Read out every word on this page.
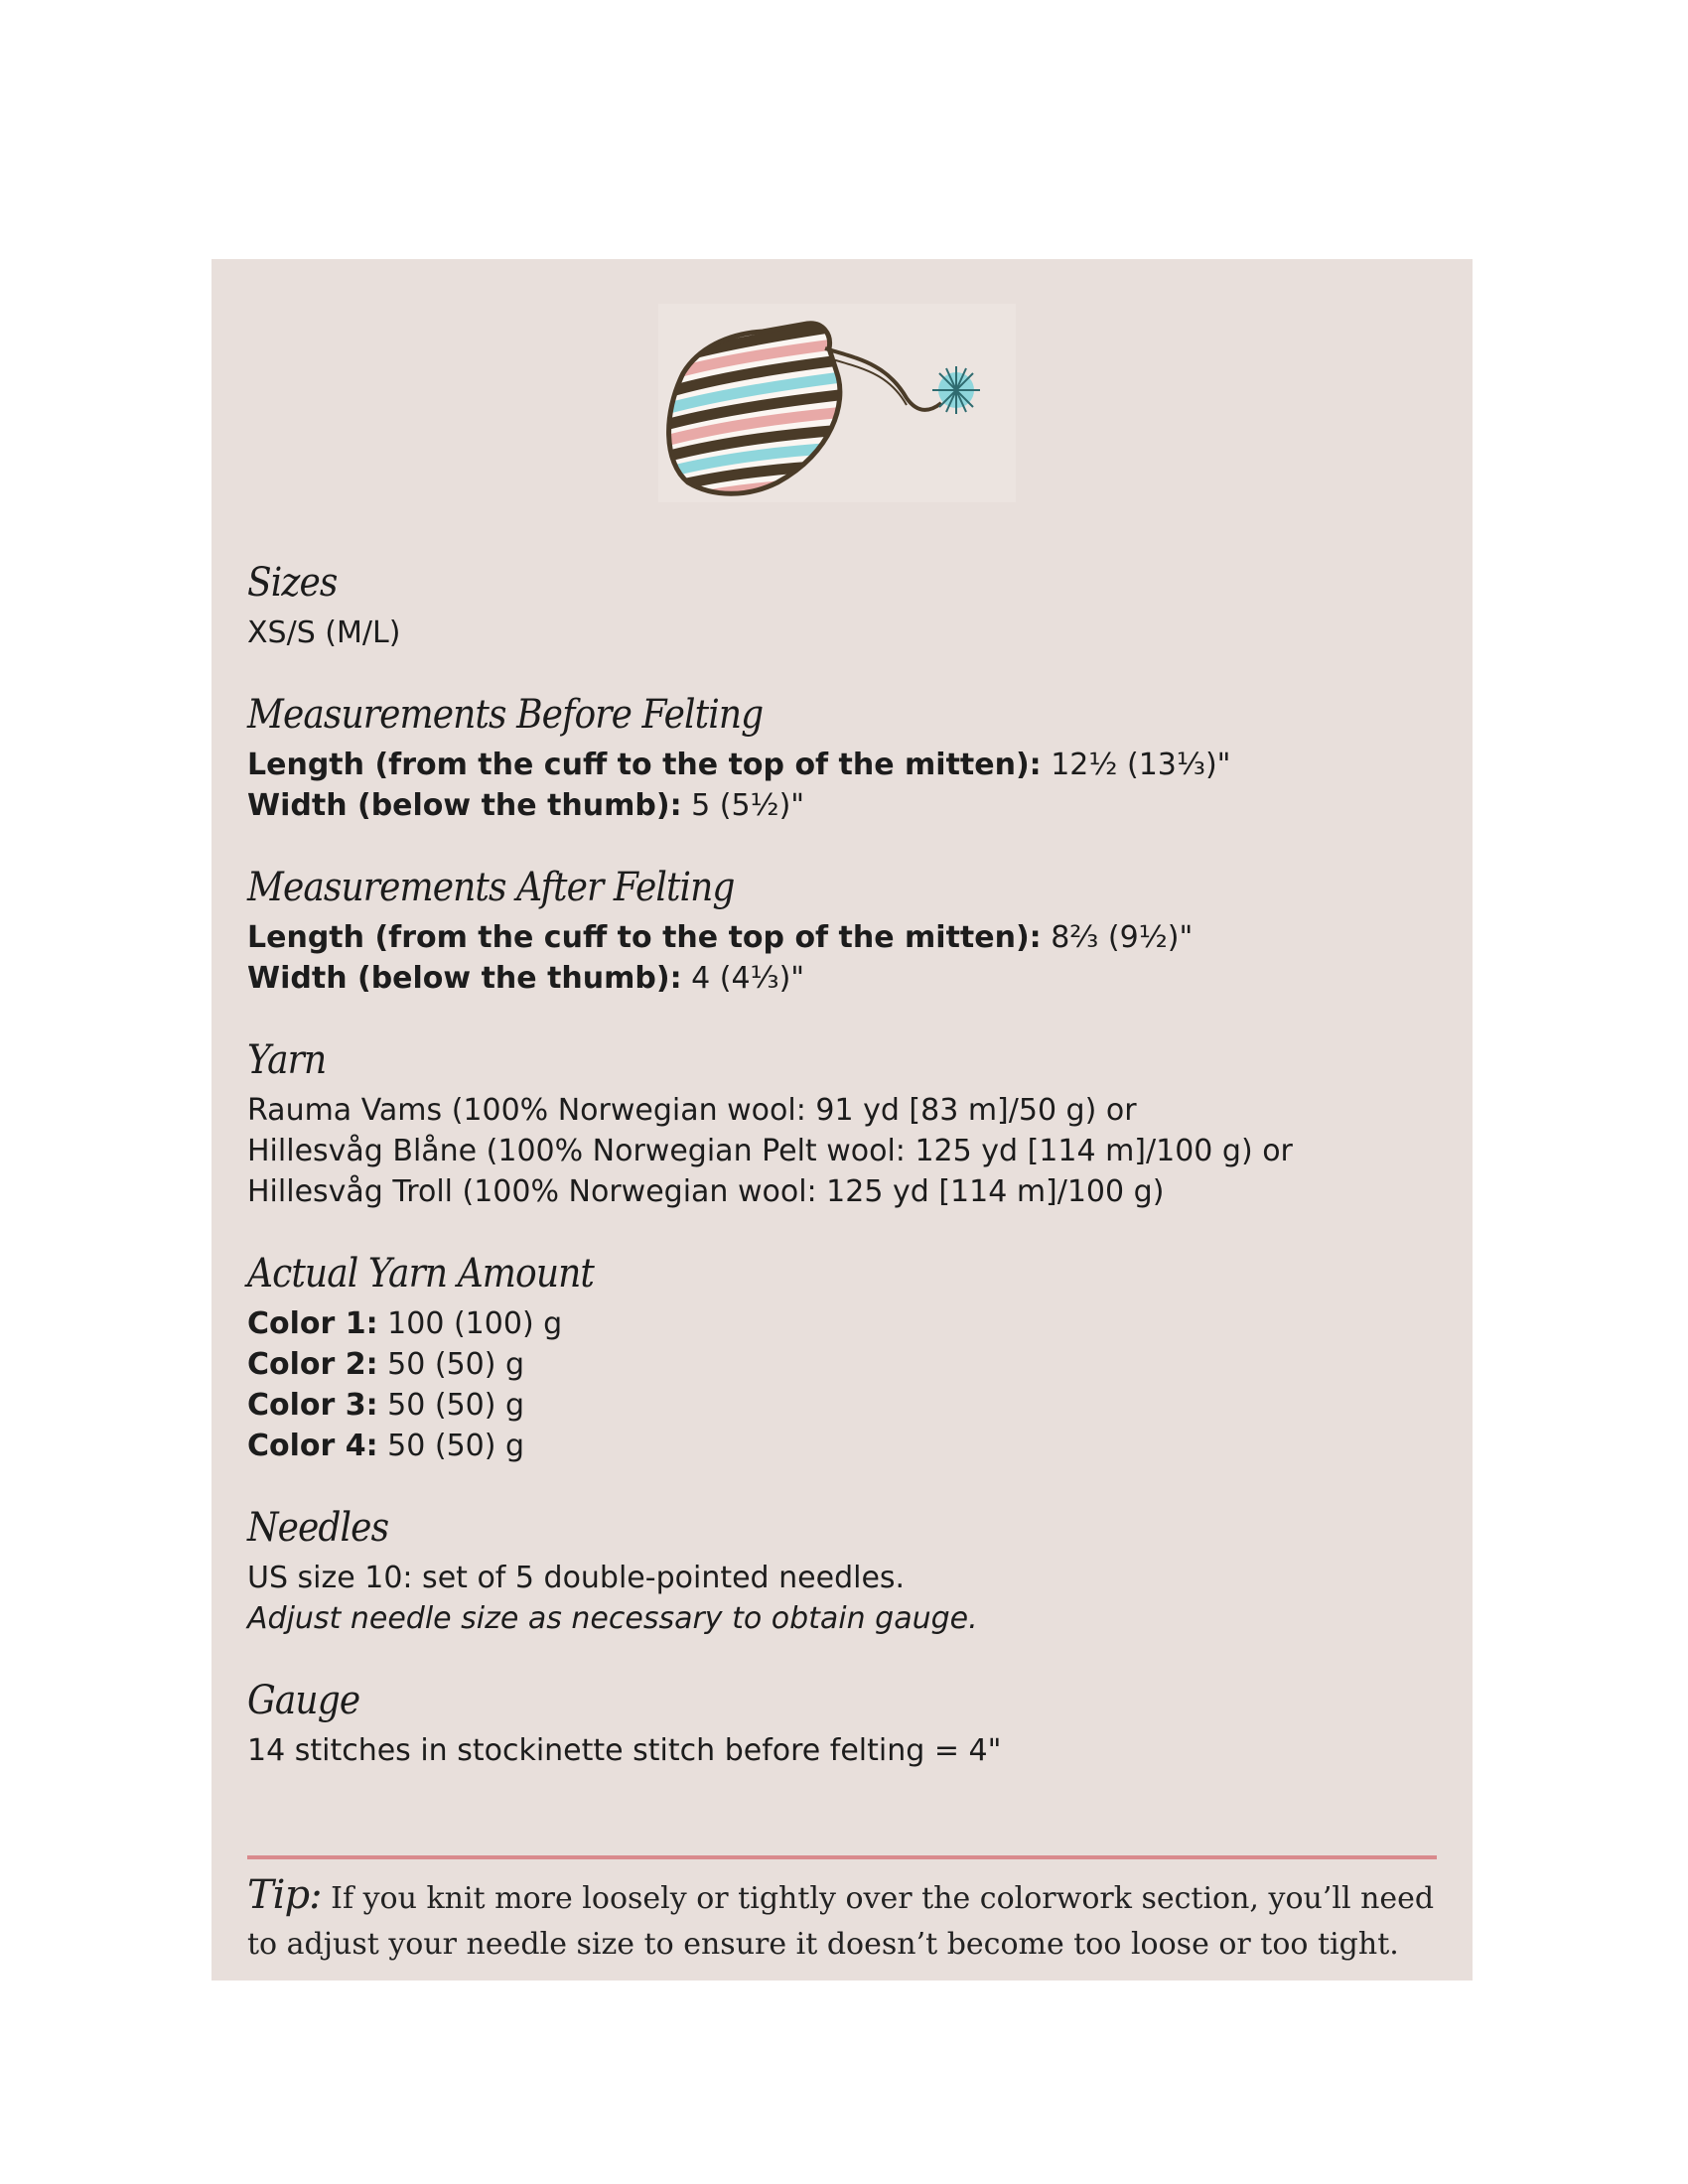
Sizes

XS/S (M/L)

Measurements Before Felting

Length (from the cuff to the top of the mitten): 12½ (13⅓)"

Width (below the thumb): 5 (5½)"

Measurements After Felting

Length (from the cuff to the top of the mitten): 8⅔ (9½)"

Width (below the thumb): 4 (4⅓)"

Yarn

Rauma Vams (100% Norwegian wool: 91 yd [83 m]/50 g) or

Hillesvåg Blåne (100% Norwegian Pelt wool: 125 yd [114 m]/100 g) or

Hillesvåg Troll (100% Norwegian wool: 125 yd [114 m]/100 g)

Actual Yarn Amount

Color 1: 100 (100) g

Color 2: 50 (50) g

Color 3: 50 (50) g

Color 4: 50 (50) g

Needles

US size 10: set of 5 double-pointed needles.

Adjust needle size as necessary to obtain gauge.

Gauge

14 stitches in stockinette stitch before felting = 4"

Tip: If you knit more loosely or tightly over the colorwork section, you’ll need to adjust your needle size to ensure it doesn’t become too loose or too tight.
